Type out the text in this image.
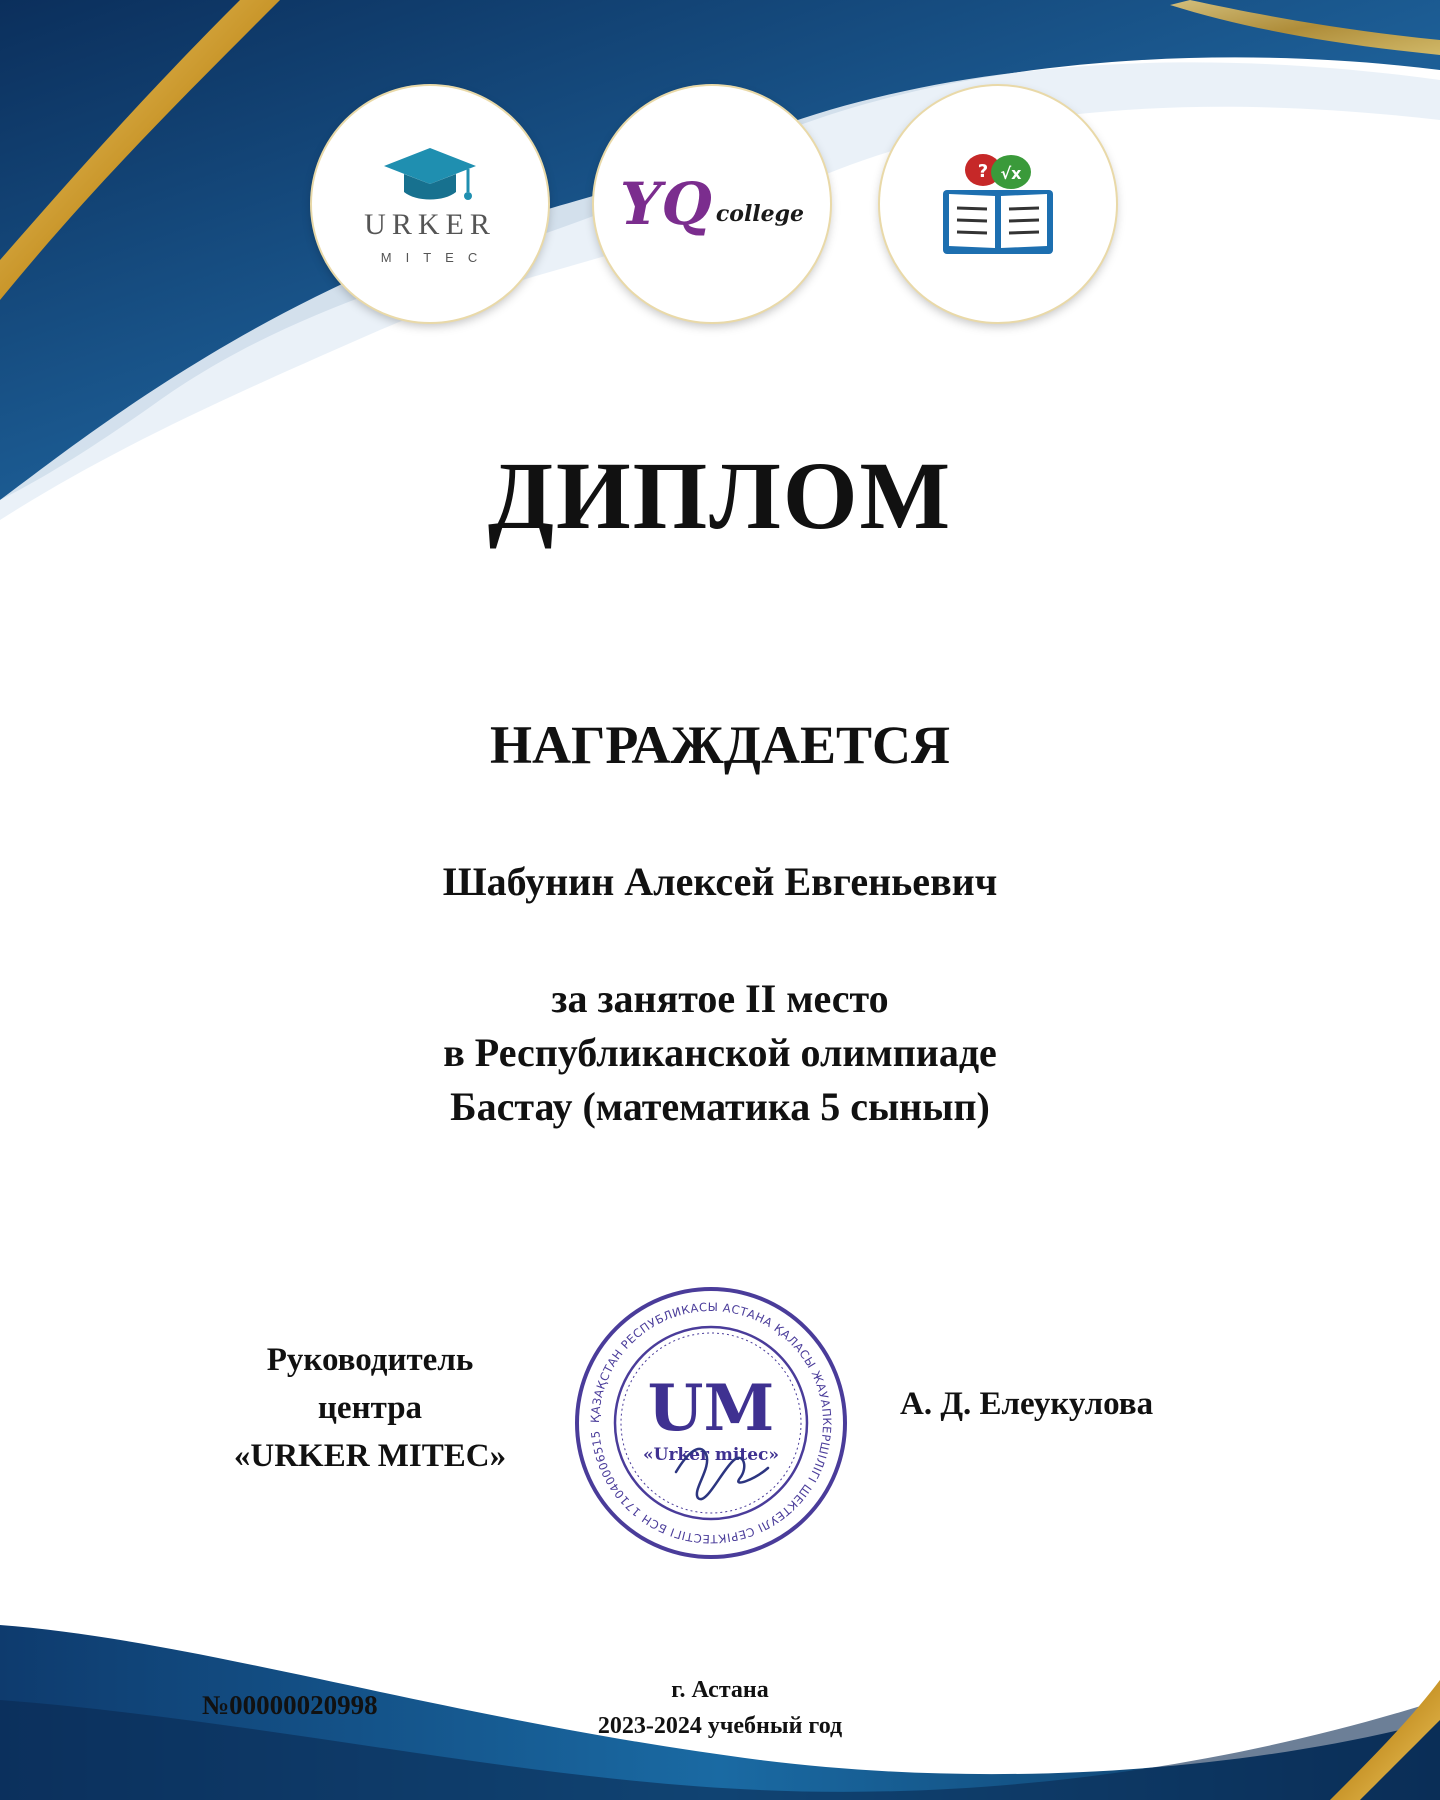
URKER
MITEC
YQ college
? √x
ДИПЛОМ
НАГРАЖДАЕТСЯ
Шабунин Алексей Евгеньевич
за занятое II место
в Республиканской олимпиаде
Бастау (математика 5 сынып)
Руководитель
центра
«URKER MITEC»
ҚАЗАҚСТАН РЕСПУБЛИКАСЫ АСТАНА ҚАЛАСЫ ЖАУАПКЕРШІЛІГІ ШЕКТЕУЛІ СЕРІКТЕСТІГІ БСН 171040006515 UM
«Urker mitec»
А. Д. Елеукулова
№00000020998	г. Астана
2023-2024 учебный год
